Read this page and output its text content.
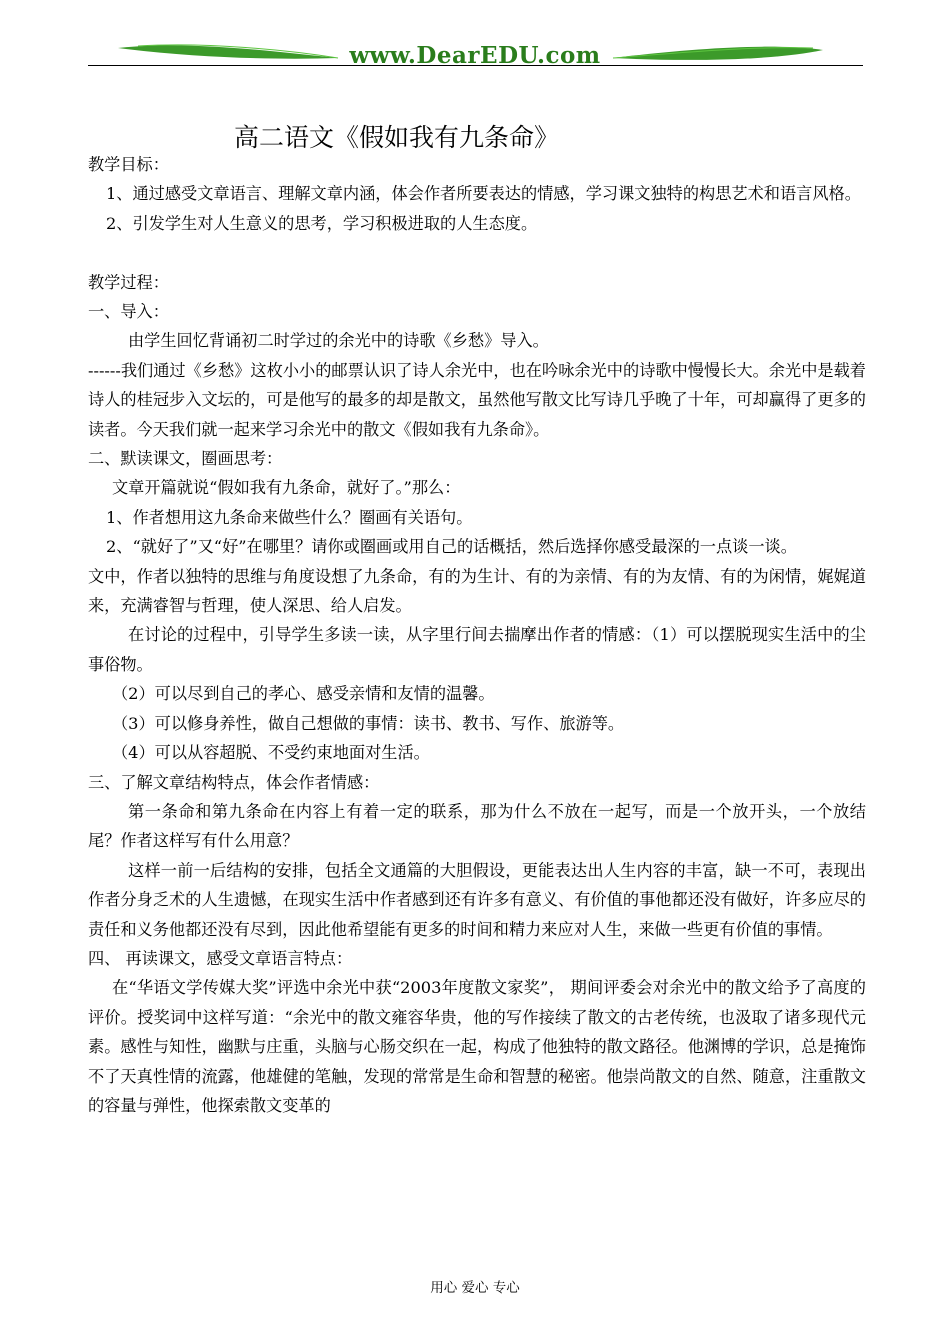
www.DearEDU.com
高二语文《假如我有九条命》

教学目标：

1、通过感受文章语言、理解文章内涵，体会作者所要表达的情感，学习课文独特的构思艺术和语言风格。

2、引发学生对人生意义的思考，学习积极进取的人生态度。

教学过程：

一、导入：

由学生回忆背诵初二时学过的余光中的诗歌《乡愁》导入。

------我们通过《乡愁》这枚小小的邮票认识了诗人余光中，也在吟咏余光中的诗歌中慢慢长大。余光中是载着诗人的桂冠步入文坛的，可是他写的最多的却是散文，虽然他写散文比写诗几乎晚了十年，可却赢得了更多的读者。今天我们就一起来学习余光中的散文《假如我有九条命》。

二、默读课文，圈画思考：

文章开篇就说“假如我有九条命，就好了。”那么：

1、作者想用这九条命来做些什么？圈画有关语句。

2、“就好了”又“好”在哪里？请你或圈画或用自己的话概括，然后选择你感受最深的一点谈一谈。

文中，作者以独特的思维与角度设想了九条命，有的为生计、有的为亲情、有的为友情、有的为闲情，娓娓道来，充满睿智与哲理，使人深思、给人启发。

在讨论的过程中，引导学生多读一读，从字里行间去揣摩出作者的情感：（1）可以摆脱现实生活中的尘事俗物。

（2）可以尽到自己的孝心、感受亲情和友情的温馨。

（3）可以修身养性，做自己想做的事情：读书、教书、写作、旅游等。

（4）可以从容超脱、不受约束地面对生活。

三、了解文章结构特点，体会作者情感：

第一条命和第九条命在内容上有着一定的联系，那为什么不放在一起写，而是一个放开头，一个放结尾？作者这样写有什么用意？

这样一前一后结构的安排，包括全文通篇的大胆假设，更能表达出人生内容的丰富，缺一不可，表现出作者分身乏术的人生遗憾，在现实生活中作者感到还有许多有意义、有价值的事他都还没有做好，许多应尽的责任和义务他都还没有尽到，因此他希望能有更多的时间和精力来应对人生，来做一些更有价值的事情。

四、 再读课文，感受文章语言特点：

在“华语文学传媒大奖”评选中余光中获“2003年度散文家奖”， 期间评委会对余光中的散文给予了高度的评价。授奖词中这样写道：“余光中的散文雍容华贵，他的写作接续了散文的古老传统，也汲取了诸多现代元素。感性与知性，幽默与庄重，头脑与心肠交织在一起，构成了他独特的散文路径。他渊博的学识，总是掩饰不了天真性情的流露，他雄健的笔触，发现的常常是生命和智慧的秘密。他崇尚散文的自然、随意，注重散文的容量与弹性，他探索散文变革的

用心 爱心 专心
